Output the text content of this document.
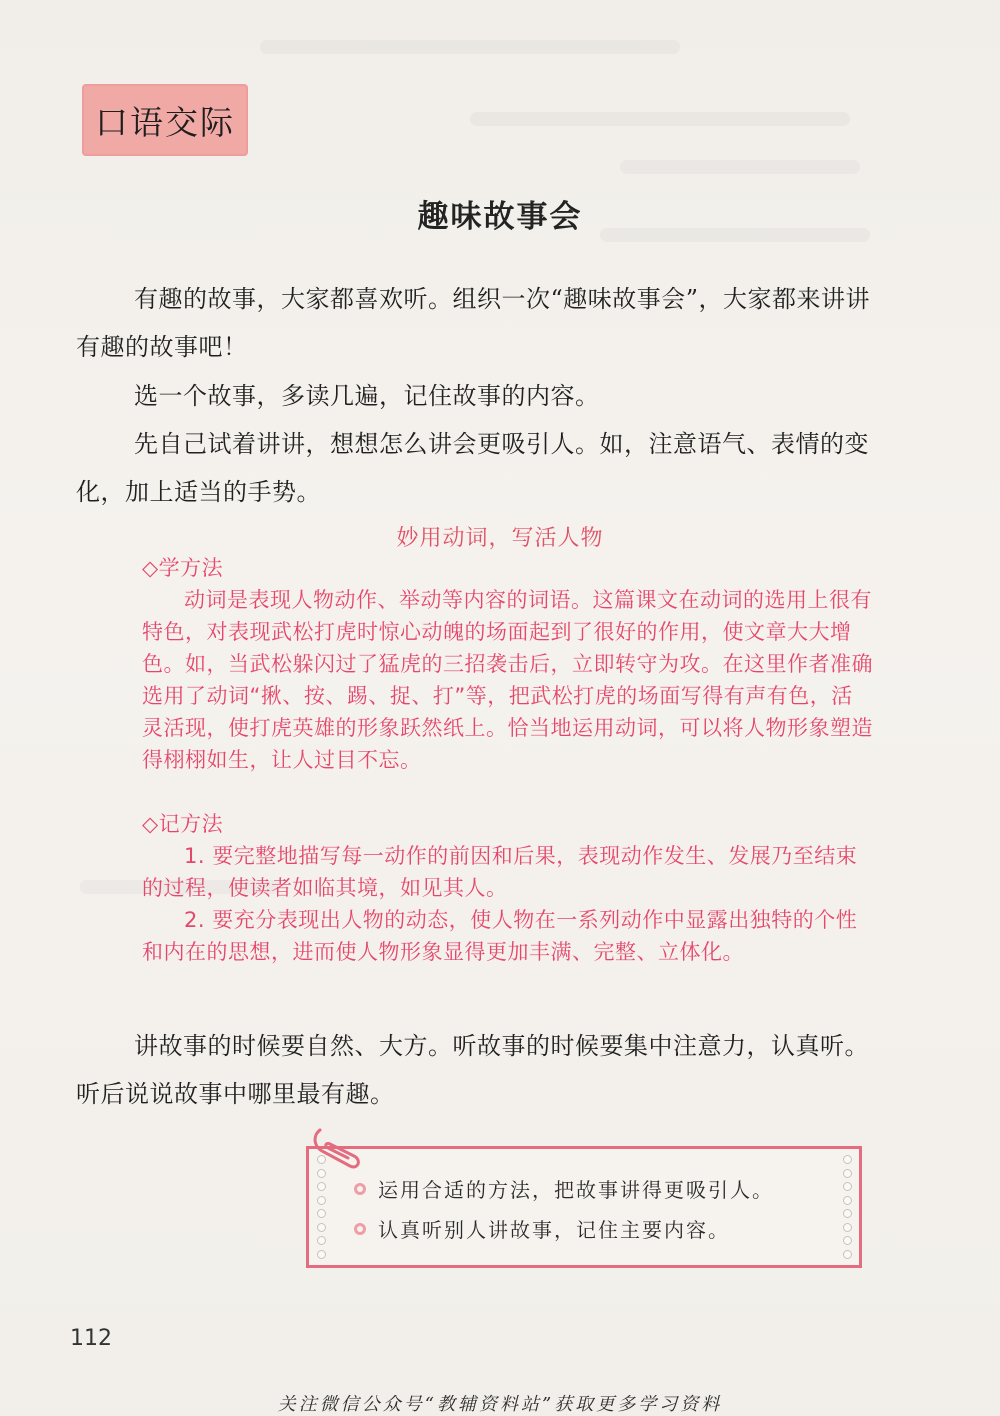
口语交际
趣味故事会
有趣的故事，大家都喜欢听。组织一次“趣味故事会”，大家都来讲讲有趣的故事吧！
选一个故事，多读几遍，记住故事的内容。
先自己试着讲讲，想想怎么讲会更吸引人。如，注意语气、表情的变化，加上适当的手势。
妙用动词，写活人物
◇学方法
动词是表现人物动作、举动等内容的词语。这篇课文在动词的选用上很有特色，对表现武松打虎时惊心动魄的场面起到了很好的作用，使文章大大增色。如，当武松躲闪过了猛虎的三招袭击后，立即转守为攻。在这里作者准确选用了动词“揪、按、踢、捉、打”等，把武松打虎的场面写得有声有色，活灵活现，使打虎英雄的形象跃然纸上。恰当地运用动词，可以将人物形象塑造得栩栩如生，让人过目不忘。
◇记方法
1. 要完整地描写每一动作的前因和后果，表现动作发生、发展乃至结束的过程，使读者如临其境，如见其人。
2. 要充分表现出人物的动态，使人物在一系列动作中显露出独特的个性和内在的思想，进而使人物形象显得更加丰满、完整、立体化。
讲故事的时候要自然、大方。听故事的时候要集中注意力，认真听。听后说说故事中哪里最有趣。
运用合适的方法，把故事讲得更吸引人。
认真听别人讲故事，记住主要内容。
112
关注微信公众号“教辅资料站”获取更多学习资料
